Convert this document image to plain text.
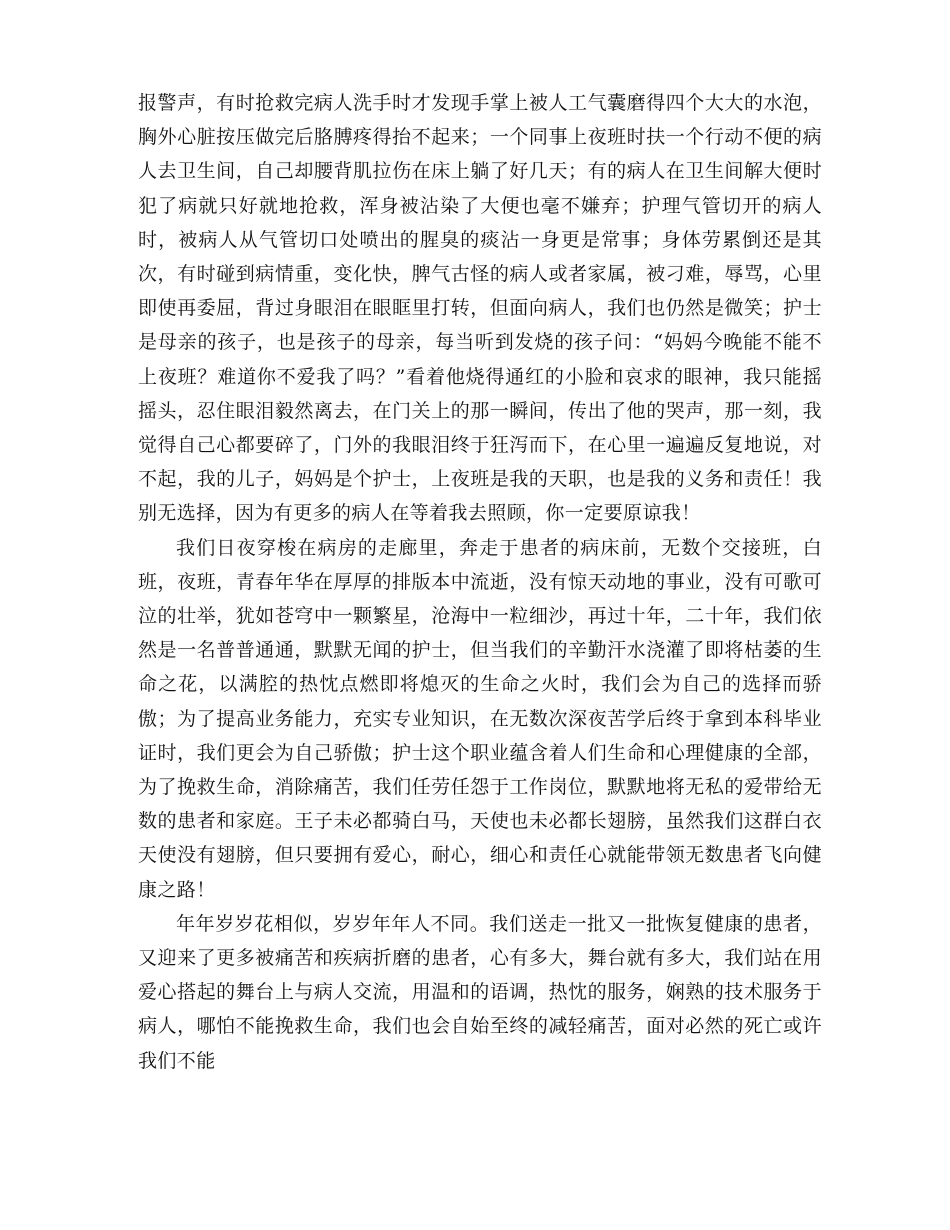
报警声，有时抢救完病人洗手时才发现手掌上被人工气囊磨得四个大大的水泡，胸外心脏按压做完后胳膊疼得抬不起来；一个同事上夜班时扶一个行动不便的病人去卫生间，自己却腰背肌拉伤在床上躺了好几天；有的病人在卫生间解大便时犯了病就只好就地抢救，浑身被沾染了大便也毫不嫌弃；护理气管切开的病人时，被病人从气管切口处喷出的腥臭的痰沾一身更是常事；身体劳累倒还是其次，有时碰到病情重，变化快，脾气古怪的病人或者家属，被刁难，辱骂，心里即使再委屈，背过身眼泪在眼眶里打转，但面向病人，我们也仍然是微笑；护士是母亲的孩子，也是孩子的母亲，每当听到发烧的孩子问：“妈妈今晚能不能不上夜班？难道你不爱我了吗？”看着他烧得通红的小脸和哀求的眼神，我只能摇摇头，忍住眼泪毅然离去，在门关上的那一瞬间，传出了他的哭声，那一刻，我觉得自己心都要碎了，门外的我眼泪终于狂泻而下，在心里一遍遍反复地说，对不起，我的儿子，妈妈是个护士，上夜班是我的天职，也是我的义务和责任！我别无选择，因为有更多的病人在等着我去照顾，你一定要原谅我！

我们日夜穿梭在病房的走廊里，奔走于患者的病床前，无数个交接班，白班，夜班，青春年华在厚厚的排版本中流逝，没有惊天动地的事业，没有可歌可泣的壮举，犹如苍穹中一颗繁星，沧海中一粒细沙，再过十年，二十年，我们依然是一名普普通通，默默无闻的护士，但当我们的辛勤汗水浇灌了即将枯萎的生命之花，以满腔的热忱点燃即将熄灭的生命之火时，我们会为自己的选择而骄傲；为了提高业务能力，充实专业知识，在无数次深夜苦学后终于拿到本科毕业证时，我们更会为自己骄傲；护士这个职业蕴含着人们生命和心理健康的全部，为了挽救生命，消除痛苦，我们任劳任怨于工作岗位，默默地将无私的爱带给无数的患者和家庭。王子未必都骑白马，天使也未必都长翅膀，虽然我们这群白衣天使没有翅膀，但只要拥有爱心，耐心，细心和责任心就能带领无数患者飞向健康之路！

年年岁岁花相似，岁岁年年人不同。我们送走一批又一批恢复健康的患者，又迎来了更多被痛苦和疾病折磨的患者，心有多大，舞台就有多大，我们站在用爱心搭起的舞台上与病人交流，用温和的语调，热忱的服务，娴熟的技术服务于病人，哪怕不能挽救生命，我们也会自始至终的减轻痛苦，面对必然的死亡或许我们不能
